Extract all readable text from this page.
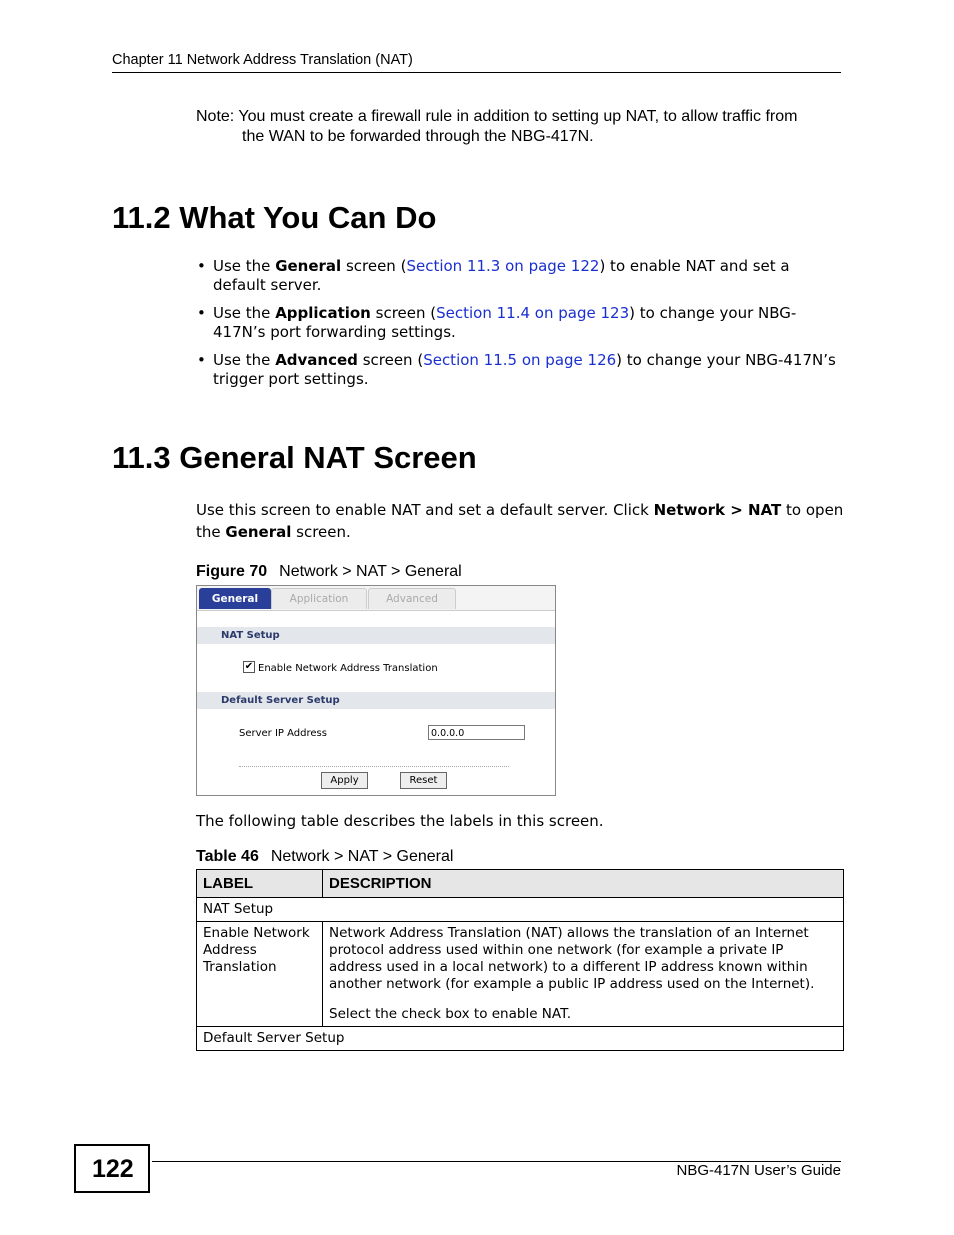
Chapter 11 Network Address Translation (NAT)
Note: You must create a firewall rule in addition to setting up NAT, to allow traffic from
the WAN to be forwarded through the NBG-417N.
11.2 What You Can Do
• Use the General screen (Section 11.3 on page 122) to enable NAT and set a default server.
• Use the Application screen (Section 11.4 on page 123) to change your NBG-417N’s port forwarding settings.
• Use the Advanced screen (Section 11.5 on page 126) to change your NBG-417N’s trigger port settings.
11.3 General NAT Screen
Use this screen to enable NAT and set a default server. Click Network > NAT to open the General screen.
Figure 70 Network > NAT > General
General	Application	Advanced
NAT Setup
✔ Enable Network Address Translation
Default Server Setup
Server IP Address	0.0.0.0
Apply	Reset
The following table describes the labels in this screen.
Table 46 Network > NAT > General
LABEL	DESCRIPTION
NAT Setup	
Enable Network Address Translation	Network Address Translation (NAT) allows the translation of an Internet protocol address used within one network (for example a private IP address used in a local network) to a different IP address known within another network (for example a public IP address used on the Internet).
Select the check box to enable NAT.

Default Server Setup	
122	NBG-417N User’s Guide
